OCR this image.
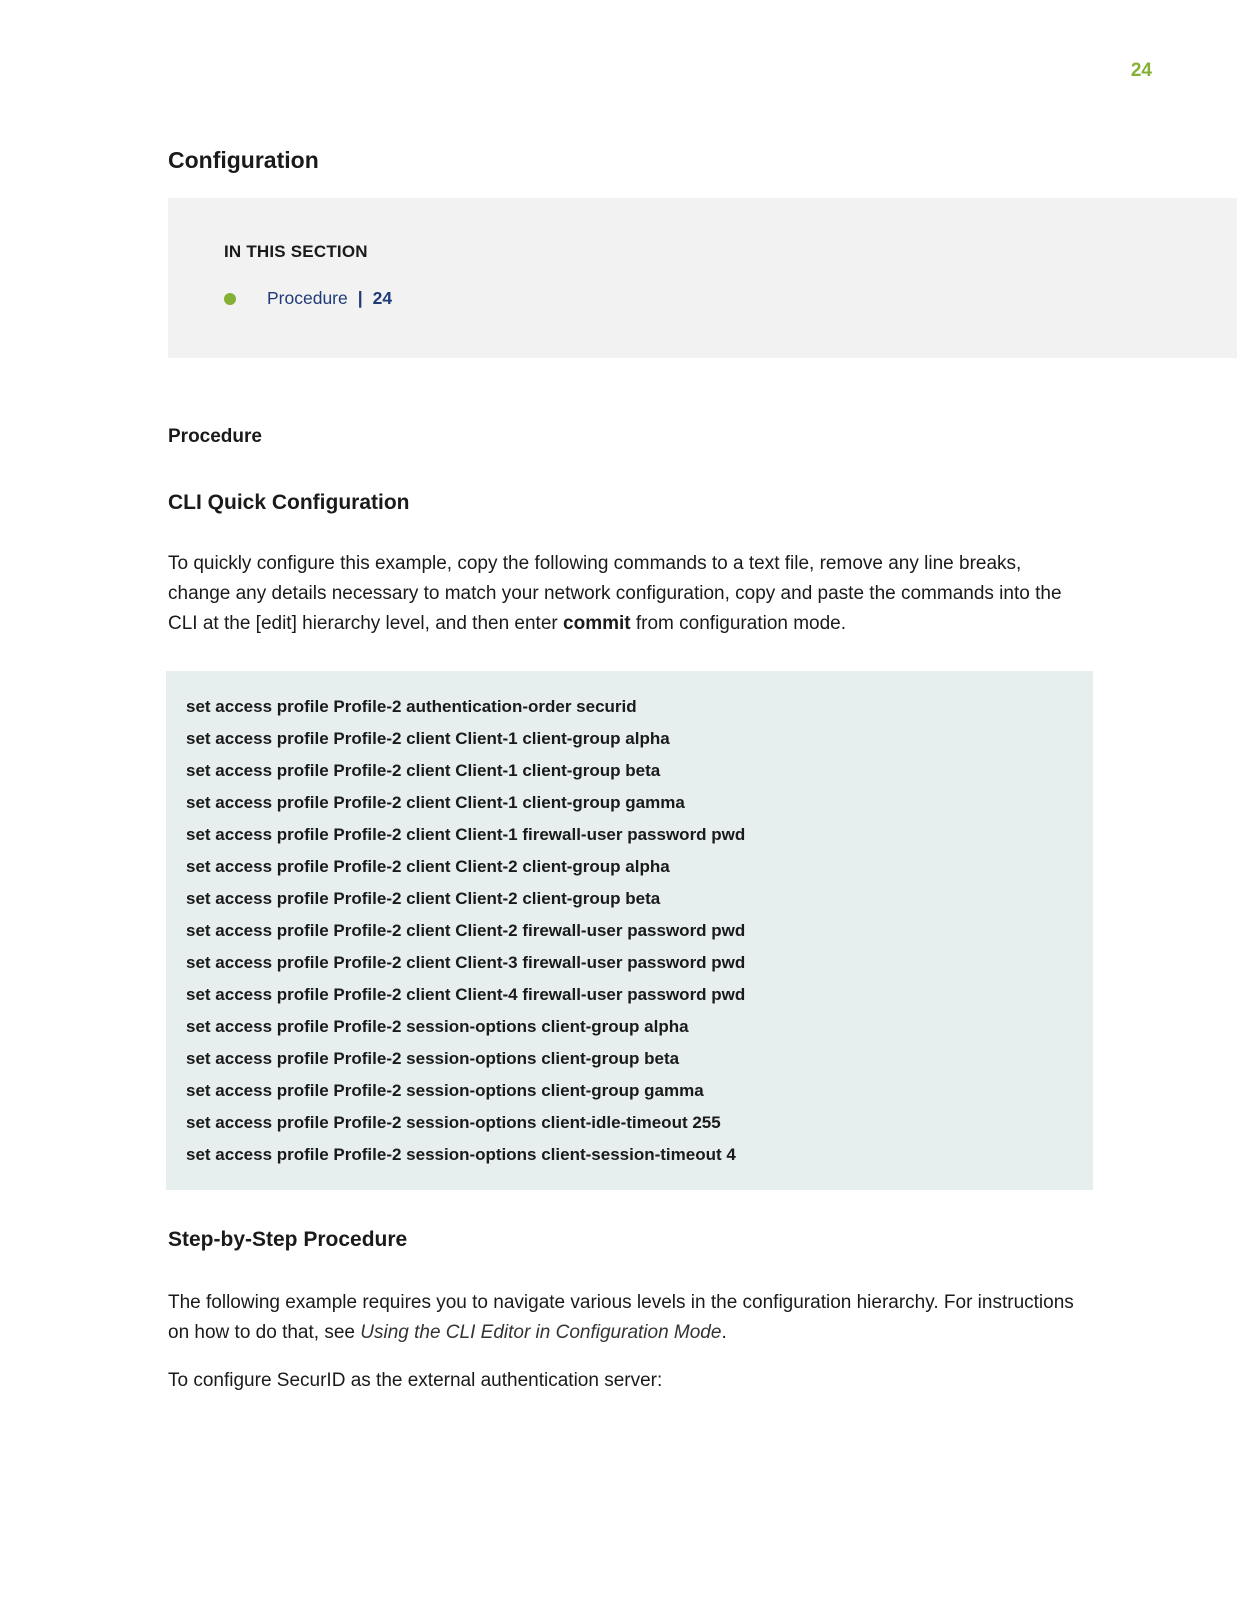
24
Configuration
IN THIS SECTION
Procedure | 24
Procedure
CLI Quick Configuration

To quickly configure this example, copy the following commands to a text file, remove any line breaks, change any details necessary to match your network configuration, copy and paste the commands into the CLI at the [edit] hierarchy level, and then enter commit from configuration mode.

set access profile Profile-2 authentication-order securid
set access profile Profile-2 client Client-1 client-group alpha
set access profile Profile-2 client Client-1 client-group beta
set access profile Profile-2 client Client-1 client-group gamma
set access profile Profile-2 client Client-1 firewall-user password pwd
set access profile Profile-2 client Client-2 client-group alpha
set access profile Profile-2 client Client-2 client-group beta
set access profile Profile-2 client Client-2 firewall-user password pwd
set access profile Profile-2 client Client-3 firewall-user password pwd
set access profile Profile-2 client Client-4 firewall-user password pwd
set access profile Profile-2 session-options client-group alpha
set access profile Profile-2 session-options client-group beta
set access profile Profile-2 session-options client-group gamma
set access profile Profile-2 session-options client-idle-timeout 255
set access profile Profile-2 session-options client-session-timeout 4
Step-by-Step Procedure

The following example requires you to navigate various levels in the configuration hierarchy. For instructions on how to do that, see Using the CLI Editor in Configuration Mode.

To configure SecurID as the external authentication server:
